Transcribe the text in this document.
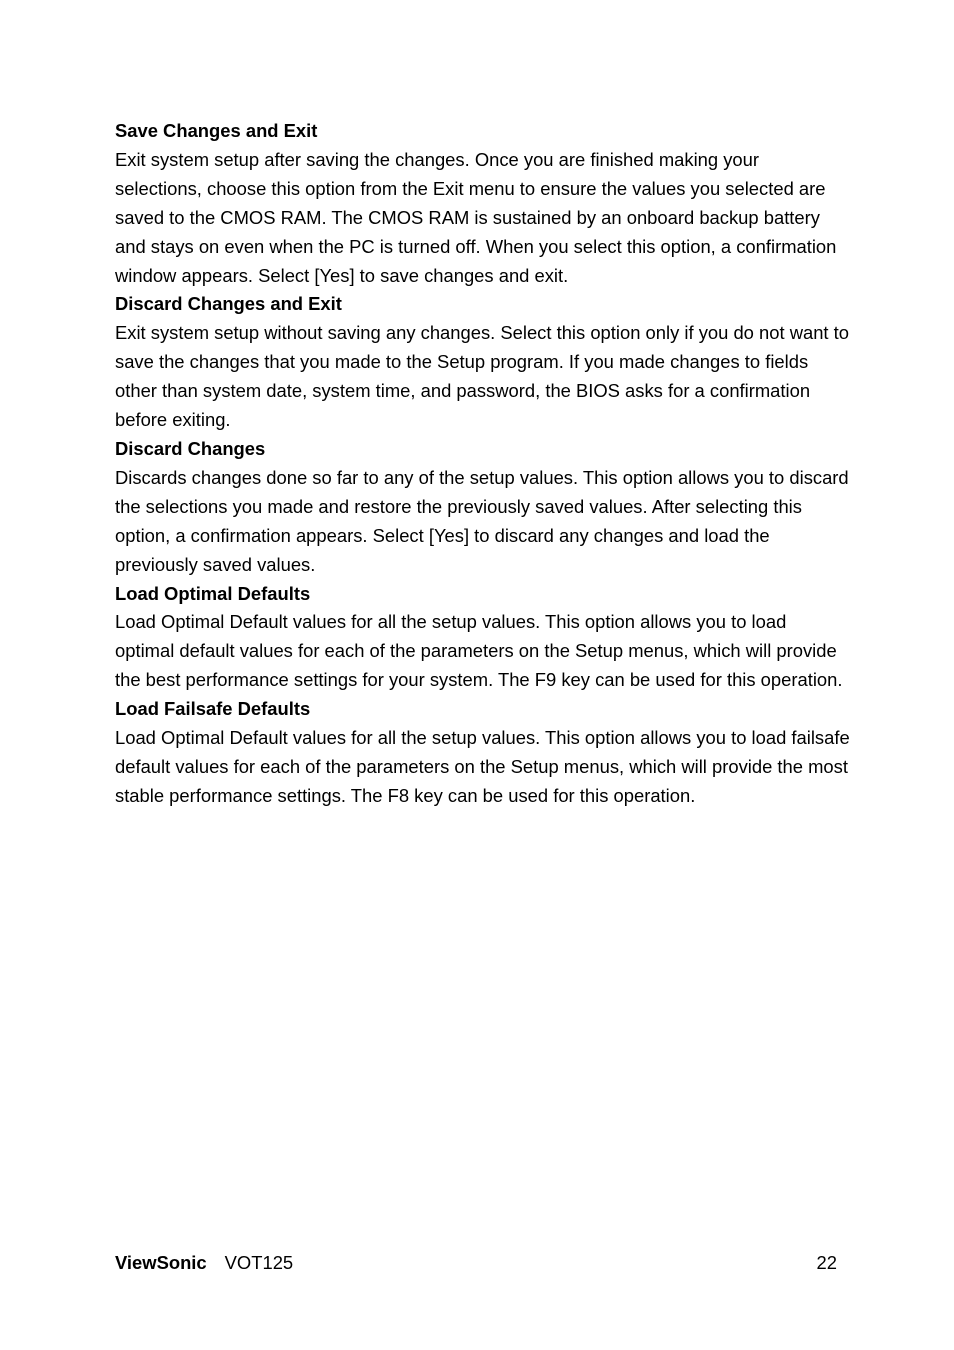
Save Changes and Exit

Exit system setup after saving the changes. Once you are finished making your selections, choose this option from the Exit menu to ensure the values you selected are saved to the CMOS RAM. The CMOS RAM is sustained by an onboard backup battery and stays on even when the PC is turned off. When you select this option, a confirmation window appears. Select [Yes] to save changes and exit.

Discard Changes and Exit

Exit system setup without saving any changes. Select this option only if you do not want to save the changes that you made to the Setup program. If you made changes to fields other than system date, system time, and password, the BIOS asks for a confirmation before exiting.

Discard Changes

Discards changes done so far to any of the setup values. This option allows you to discard the selections you made and restore the previously saved values. After selecting this option, a confirmation appears. Select [Yes] to discard any changes and load the previously saved values.

Load Optimal Defaults

Load Optimal Default values for all the setup values. This option allows you to load optimal default values for each of the parameters on the Setup menus, which will provide the best performance settings for your system. The F9 key can be used for this operation.

Load Failsafe Defaults

Load Optimal Default values for all the setup values. This option allows you to load failsafe default values for each of the parameters on the Setup menus, which will provide the most stable performance settings. The F8 key can be used for this operation.

ViewSonic VOT125	22
